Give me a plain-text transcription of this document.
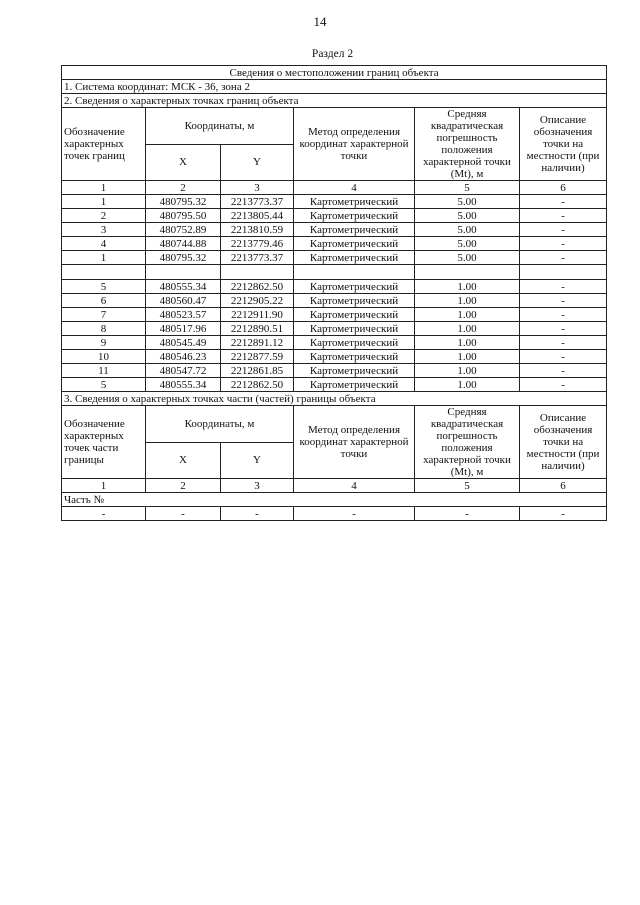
14
Раздел 2
Сведения о местоположении границ объекта					
1. Система координат: МСК - 36, зона 2					
2. Сведения о характерных точках границ объекта					
Обозначение характерных точек границ	Координаты, м		Метод определения координат характерной точки	Средняя квадратическая погрешность положения характерной точки (Mt), м	Описание обозначения точки на местности (при наличии)
	X	Y			
1	2	3	4	5	6
1	480795.32	2213773.37	Картометрический	5.00	-
2	480795.50	2213805.44	Картометрический	5.00	-
3	480752.89	2213810.59	Картометрический	5.00	-
4	480744.88	2213779.46	Картометрический	5.00	-
1	480795.32	2213773.37	Картометрический	5.00	-

5	480555.34	2212862.50	Картометрический	1.00	-
6	480560.47	2212905.22	Картометрический	1.00	-
7	480523.57	2212911.90	Картометрический	1.00	-
8	480517.96	2212890.51	Картометрический	1.00	-
9	480545.49	2212891.12	Картометрический	1.00	-
10	480546.23	2212877.59	Картометрический	1.00	-
11	480547.72	2212861.85	Картометрический	1.00	-
5	480555.34	2212862.50	Картометрический	1.00	-
3. Сведения о характерных точках части (частей) границы объекта					
Обозначение характерных точек части границы	Координаты, м		Метод определения координат характерной точки	Средняя квадратическая погрешность положения характерной точки (Mt), м	Описание обозначения точки на местности (при наличии)
	X	Y			
1	2	3	4	5	6
Часть №					
-	-	-	-	-	-
